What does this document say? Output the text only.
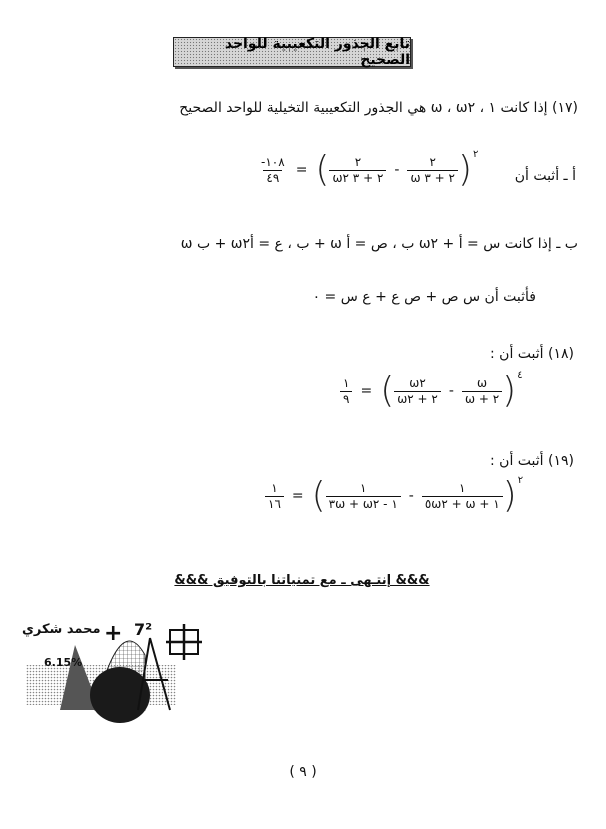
تابع الجذور التكعيبية للواحد الصحيح
(١٧) إذا كانت ١ ، ω ، ω٢ هي الجذور التكعيبية التخيلية للواحد الصحيح
أ ـ أثبت أن
$\frac{-١٠٨}{٤٩}$ = ( $\frac{٢}{٢ + ٣ \omega ٢} - \frac{٢}{٢ + ٣ \omega}$ ) ٢
ب ـ إذا كانت س = أ + ω٢ ب ، ص = أ ω + ب ، ع = أω٢ + ب ω
فأثبت أن س ص + ص ع + ع س = ٠
(١٨) أثبت أن :
$\frac{١}{٩}$ = ( $\frac{\omega ٢}{٢ + \omega ٢} - \frac{\omega}{٢ + \omega}$ ) ٤
(١٩) أثبت أن :
$\frac{١}{١٦}$ = ( $\frac{١}{١ - ٣\omega + \omega ٢} - \frac{١}{١ + \omega + ٥\omega ٢}$ ) ٢
&&& إنتـهى ـ مع تمنياتنا بالتوفيق &&&
+
محمد شكري
6.15%
7²
( ٩ )
